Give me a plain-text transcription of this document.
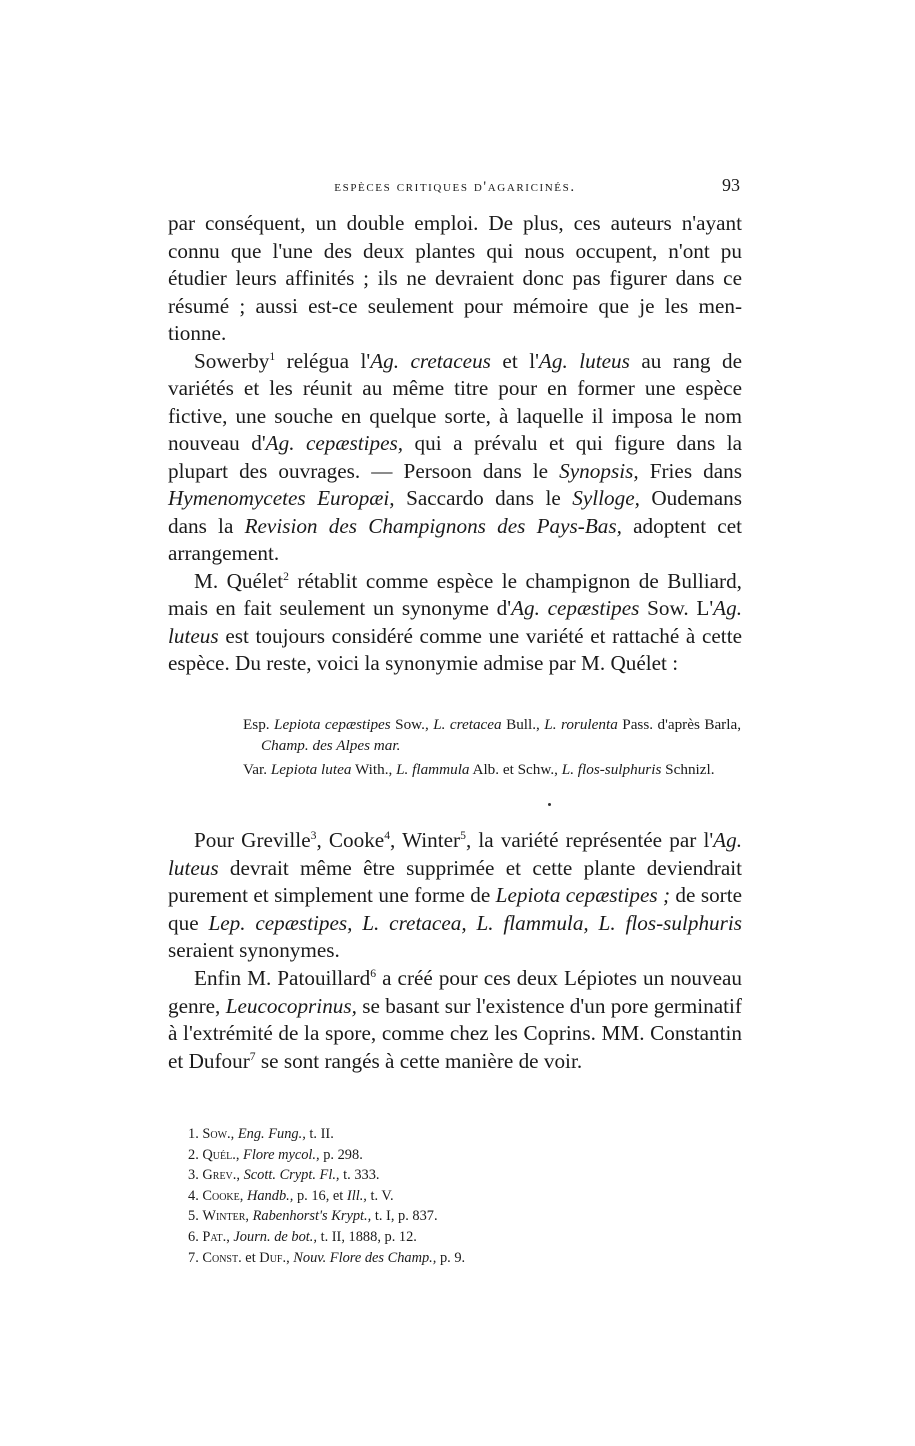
espèces critiques d'agaricinés.	93

par conséquent, un double emploi. De plus, ces auteurs n'ayant connu que l'une des deux plantes qui nous occupent, n'ont pu étudier leurs affinités ; ils ne devraient donc pas figurer dans ce résumé ; aussi est-ce seulement pour mémoire que je les mentionne.

Sowerby$^1$ relégua l'Ag. cretaceus et l'Ag. luteus au rang de variétés et les réunit au même titre pour en former une espèce fictive, une souche en quelque sorte, à laquelle il imposa le nom nouveau d'Ag. cepæstipes, qui a prévalu et qui figure dans la plupart des ouvrages. — Persoon dans le Synopsis, Fries dans Hymenomycetes Europæi, Saccardo dans le Sylloge, Oudemans dans la Revision des Champignons des Pays-Bas, adoptent cet arrangement.

M. Quélet$^2$ rétablit comme espèce le champignon de Bulliard, mais en fait seulement un synonyme d'Ag. cepæstipes Sow. L'Ag. luteus est toujours considéré comme une variété et rattaché à cette espèce. Du reste, voici la synonymie admise par M. Quélet :

Esp. Lepiota cepæstipes Sow., L. cretacea Bull., L. rorulenta Pass. d'après Barla, Champ. des Alpes mar.

Var. Lepiota lutea With., L. flammula Alb. et Schw., L. flos-sulphuris Schnizl.

Pour Greville$^3$, Cooke$^4$, Winter$^5$, la variété représentée par l'Ag. luteus devrait même être supprimée et cette plante deviendrait purement et simplement une forme de Lepiota cepæstipes ; de sorte que Lep. cepæstipes, L. cretacea, L. flammula, L. flos-sulphuris seraient synonymes.

Enfin M. Patouillard$^6$ a créé pour ces deux Lépiotes un nouveau genre, Leucocoprinus, se basant sur l'existence d'un pore germinatif à l'extrémité de la spore, comme chez les Coprins. MM. Constantin et Dufour$^7$ se sont rangés à cette manière de voir.

1. Sow., Eng. Fung., t. II.
2. Quél., Flore mycol., p. 298.
3. Grev., Scott. Crypt. Fl., t. 333.
4. Cooke, Handb., p. 16, et Ill., t. V.
5. Winter, Rabenhorst's Krypt., t. I, p. 837.
6. Pat., Journ. de bot., t. II, 1888, p. 12.
7. Const. et Duf., Nouv. Flore des Champ., p. 9.
